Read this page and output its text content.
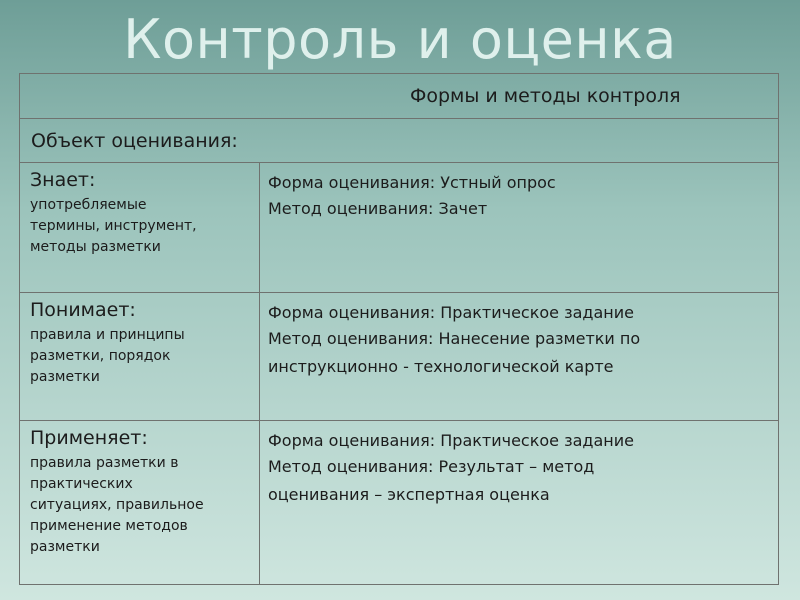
Контроль и оценка
Формы и методы контроля
Объект оценивания:
Знает:
употребляемые
термины, инструмент,
методы разметки
Форма оценивания: Устный опрос
Метод оценивания: Зачет
Понимает:
правила и принципы
разметки, порядок
разметки
Форма оценивания: Практическое задание
Метод оценивания: Нанесение разметки по
инструкционно - технологической карте
Применяет:
правила разметки в
практических
ситуациях, правильное
применение методов
разметки
Форма оценивания: Практическое задание
Метод оценивания: Результат – метод
оценивания – экспертная оценка
